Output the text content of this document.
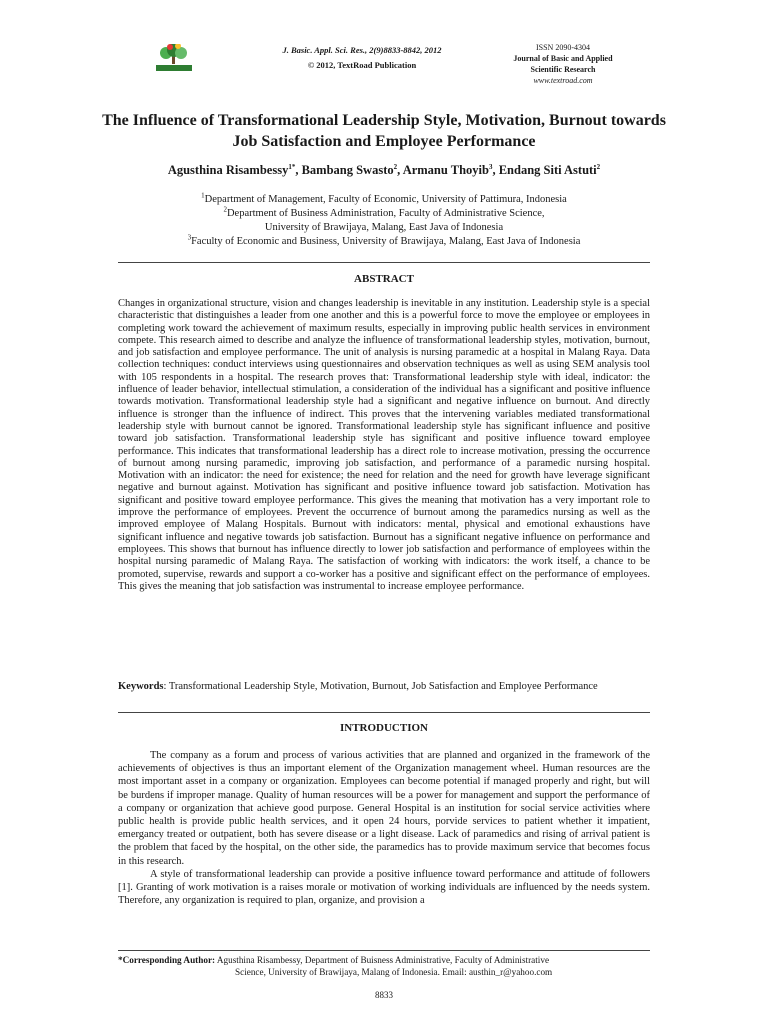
J. Basic. Appl. Sci. Res., 2(9)8833-8842, 2012
© 2012, TextRoad Publication
ISSN 2090-4304
Journal of Basic and Applied
Scientific Research
www.textroad.com
The Influence of Transformational Leadership Style, Motivation, Burnout towards Job Satisfaction and Employee Performance
Agusthina Risambessy$^{1*}$, Bambang Swasto$^2$, Armanu Thoyib$^3$, Endang Siti Astuti$^2$
$^1$Department of Management, Faculty of Economic, University of Pattimura, Indonesia
$^2$Department of Business Administration, Faculty of Administrative Science,
University of Brawijaya, Malang, East Java of Indonesia
$^3$Faculty of Economic and Business, University of Brawijaya, Malang, East Java of Indonesia
ABSTRACT
Changes in organizational structure, vision and changes leadership is inevitable in any institution. Leadership style is a special characteristic that distinguishes a leader from one another and this is a powerful force to move the employee or employees in completing work toward the achievement of maximum results, especially in improving public health services in environment compete. This research aimed to describe and analyze the influence of transformational leadership styles, motivation, burnout, and job satisfaction and employee performance. The unit of analysis is nursing paramedic at a hospital in Malang Raya. Data collection techniques: conduct interviews using questionnaires and observation techniques as well as using SEM analysis tool with 105 respondents in a hospital. The research proves that: Transformational leadership style with ideal, indicator: the influence of leader behavior, intellectual stimulation, a consideration of the individual has a significant and positive influence towards motivation. Transformational leadership style had a significant and negative influence on burnout. And directly influence is stronger than the influence of indirect. This proves that the intervening variables mediated transformational leadership style with burnout cannot be ignored. Transformational leadership style has significant influence and positive toward job satisfaction. Transformational leadership style has significant and positive influence toward employee performance. This indicates that transformational leadership has a direct role to increase motivation, pressing the occurrence of burnout among nursing paramedic, improving job satisfaction, and performance of a paramedic nursing hospital. Motivation with an indicator: the need for existence; the need for relation and the need for growth have leverage significant negative and burnout against. Motivation has significant and positive influence toward job satisfaction. Motivation has significant and positive toward employee performance. This gives the meaning that motivation has a very important role to improve the performance of employees. Prevent the occurrence of burnout among the paramedics nursing as well as the improved employee of Malang Hospitals. Burnout with indicators: mental, physical and emotional exhaustions have significant influence and negative towards job satisfaction. Burnout has a significant negative influence on performance and employees. This shows that burnout has influence directly to lower job satisfaction and performance of employees within the hospital nursing paramedic of Malang Raya. The satisfaction of working with indicators: the work itself, a chance to be promoted, supervise, rewards and support a co-worker has a positive and significant effect on the performance of employees. This gives the meaning that job satisfaction was instrumental to increase employee performance.
Keywords: Transformational Leadership Style, Motivation, Burnout, Job Satisfaction and Employee Performance
INTRODUCTION

The company as a forum and process of various activities that are planned and organized in the framework of the achievements of objectives is thus an important element of the Organization management wheel. Human resources are the most important asset in a company or organization. Employees can become potential if managed properly and right, but will be burdens if improper manage. Quality of human resources will be a power for management and support the performance of a company or organization that achieve good purpose. General Hospital is an institution for social service activities where public health is provide public health services, and it open 24 hours, porvide services to patient whether it impatient, emergancy treated or outpatient, both has severe disease or a light disease. Lack of paramedics and rising of arrival patient is the problem that faced by the hospital, on the other side, the paramedics has to provide maximum service that becomes focus in this research.

A style of transformational leadership can provide a positive influence toward performance and attitude of followers [1]. Granting of work motivation is a raises morale or motivation of working individuals are influenced by the needs system. Therefore, any organization is required to plan, organize, and provision a

*Corresponding Author: Agusthina Risambessy, Department of Buisness Administrative, Faculty of Administrative
Science, University of Brawijaya, Malang of Indonesia. Email: austhin_r@yahoo.com
8833
